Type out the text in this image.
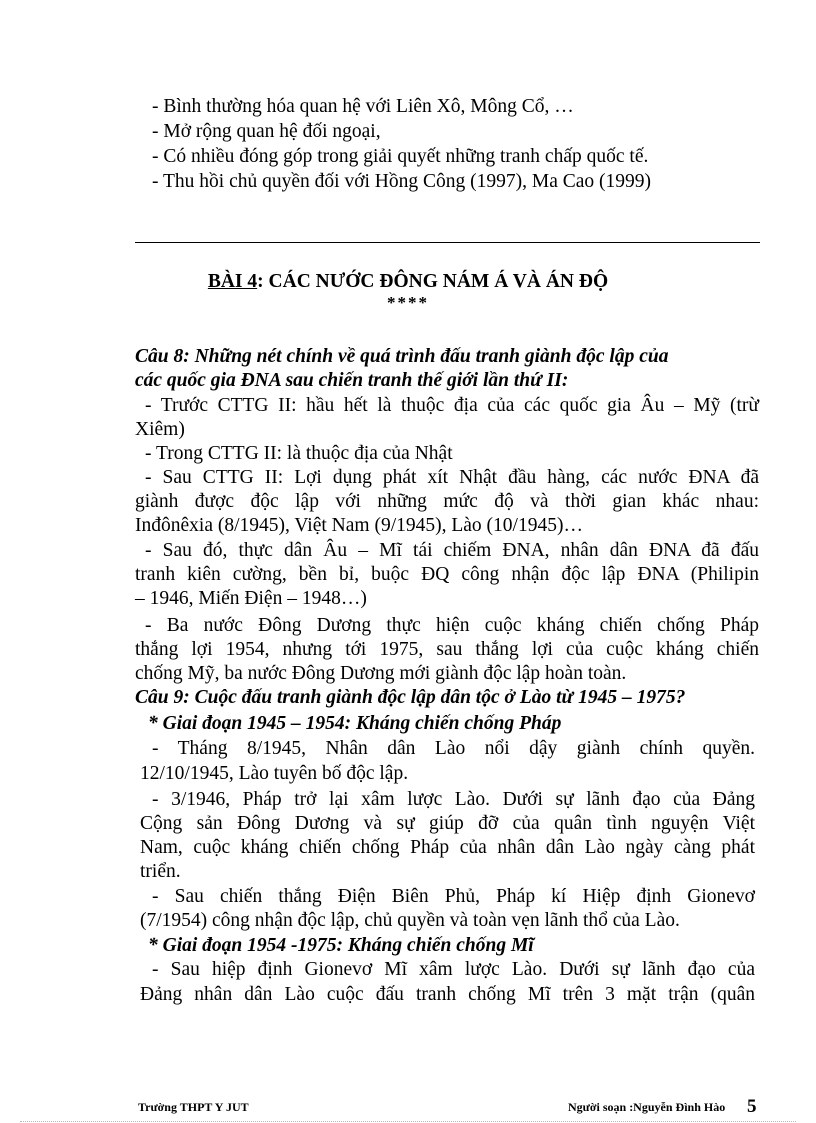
- Bình thường hóa quan hệ với Liên Xô, Mông Cổ, …
- Mở rộng quan hệ đối ngoại,
- Có nhiều đóng góp trong giải quyết những tranh chấp quốc tế.
- Thu hồi chủ quyền đối với Hồng Công (1997), Ma Cao (1999)
BÀI 4: CÁC NƯỚC ĐÔNG NÁM Á VÀ ÁN ĐỘ
****
Câu 8: Những nét chính về quá trình đấu tranh giành độc lập của
các quốc gia ĐNA sau chiến tranh thế giới lần thứ II:
- Trước CTTG II: hầu hết là thuộc địa của các quốc gia Âu – Mỹ (trừ
Xiêm)
- Trong CTTG II: là thuộc địa của Nhật
- Sau CTTG II: Lợi dụng phát xít Nhật đầu hàng, các nước ĐNA đã
giành được độc lập với những mức độ và thời gian khác nhau:
Inđônêxia (8/1945), Việt Nam (9/1945), Lào (10/1945)…
- Sau đó, thực dân Âu – Mĩ tái chiếm ĐNA, nhân dân ĐNA đã đấu
tranh kiên cường, bền bỉ, buộc ĐQ công nhận độc lập ĐNA (Philipin
– 1946, Miến Điện – 1948…)
- Ba nước Đông Dương thực hiện cuộc kháng chiến chống Pháp
thắng lợi 1954, nhưng tới 1975, sau thắng lợi của cuộc kháng chiến
chống Mỹ, ba nước Đông Dương mới giành độc lập hoàn toàn.
Câu 9: Cuộc đấu tranh giành độc lập dân tộc ở Lào từ 1945 – 1975?
* Giai đoạn 1945 – 1954: Kháng chiến chống Pháp
- Tháng 8/1945, Nhân dân Lào nổi dậy giành chính quyền.
12/10/1945, Lào tuyên bố độc lập.
- 3/1946, Pháp trở lại xâm lược Lào. Dưới sự lãnh đạo của Đảng
Cộng sản Đông Dương và sự giúp đỡ của quân tình nguyện Việt
Nam, cuộc kháng chiến chống Pháp của nhân dân Lào ngày càng phát
triển.
- Sau chiến thắng Điện Biên Phủ, Pháp kí Hiệp định Gionevơ
(7/1954) công nhận độc lập, chủ quyền và toàn vẹn lãnh thổ của Lào.
* Giai đoạn 1954 -1975: Kháng chiến chống Mĩ
- Sau hiệp định Gionevơ Mĩ xâm lược Lào. Dưới sự lãnh đạo của
Đảng nhân dân Lào cuộc đấu tranh chống Mĩ trên 3 mặt trận (quân
Trường THPT Y JUT	Người soạn :Nguyễn Đình Hào 5
